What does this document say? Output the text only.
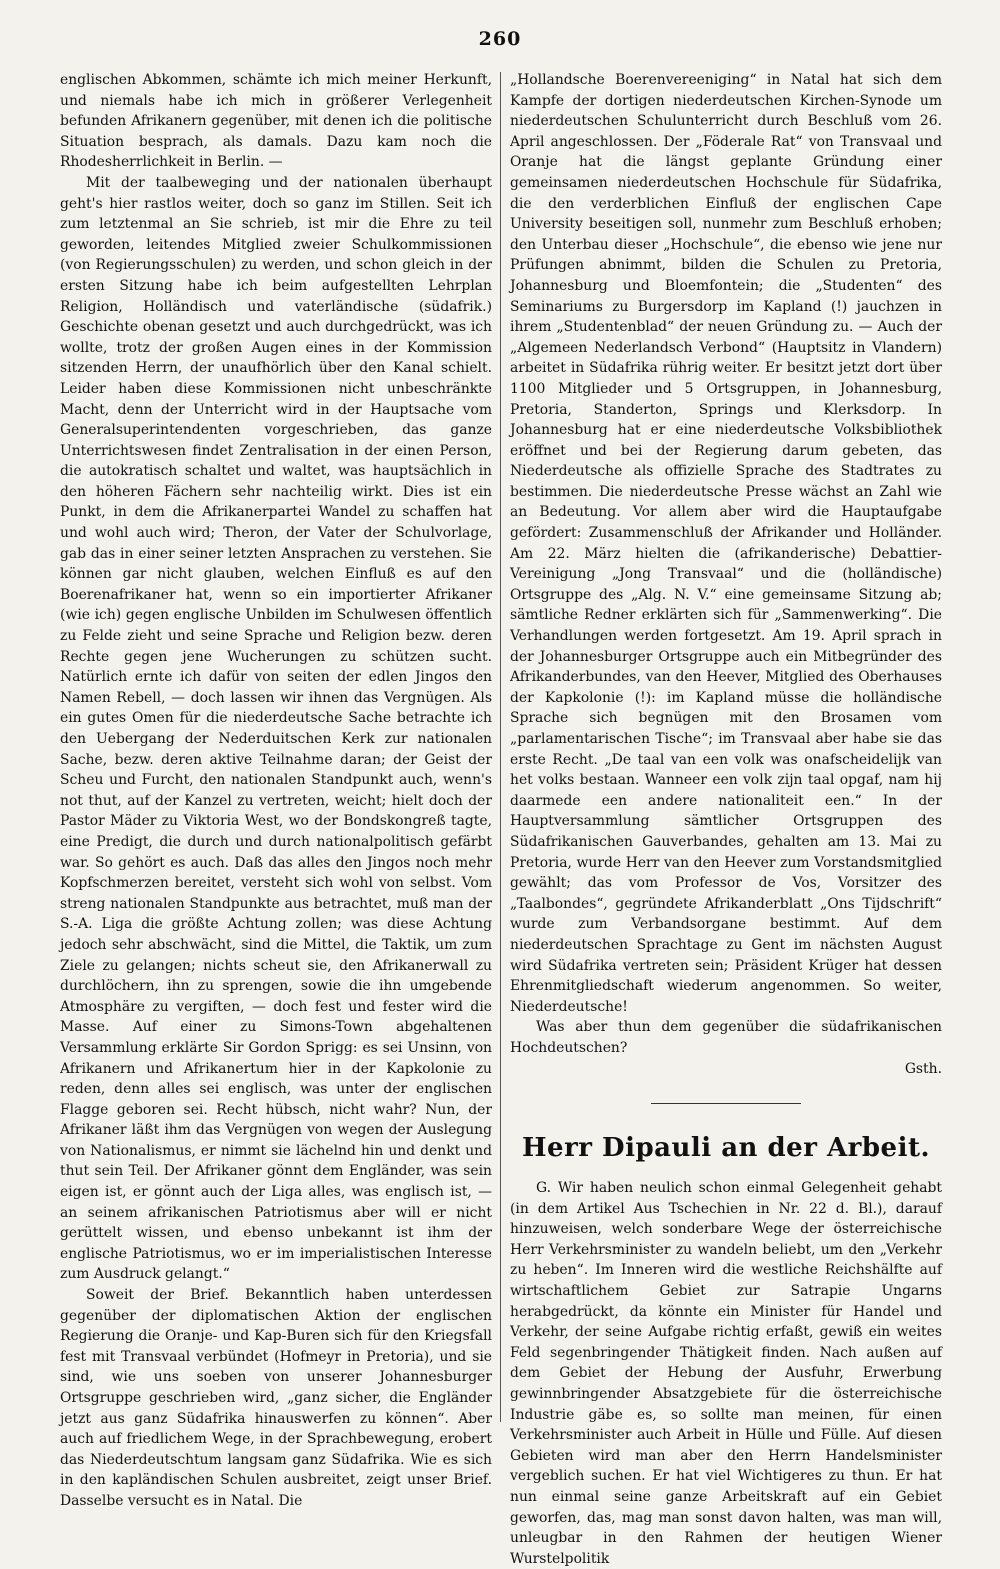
260

englischen Abkommen, schämte ich mich meiner Herkunft, und niemals habe ich mich in größerer Verlegenheit befunden Afrikanern gegenüber, mit denen ich die politische Situation besprach, als damals. Dazu kam noch die Rhodesherrlichkeit in Berlin. —

Mit der taalbeweging und der nationalen überhaupt geht's hier rastlos weiter, doch so ganz im Stillen. Seit ich zum letztenmal an Sie schrieb, ist mir die Ehre zu teil geworden, leitendes Mitglied zweier Schulkommissionen (von Regierungsschulen) zu werden, und schon gleich in der ersten Sitzung habe ich beim aufgestellten Lehrplan Religion, Holländisch und vaterländische (südafrik.) Geschichte obenan gesetzt und auch durchgedrückt, was ich wollte, trotz der großen Augen eines in der Kommission sitzenden Herrn, der unaufhörlich über den Kanal schielt. Leider haben diese Kommissionen nicht unbeschränkte Macht, denn der Unterricht wird in der Hauptsache vom Generalsuperintendenten vorgeschrieben, das ganze Unterrichtswesen findet Zentralisation in der einen Person, die autokratisch schaltet und waltet, was hauptsächlich in den höheren Fächern sehr nachteilig wirkt. Dies ist ein Punkt, in dem die Afrikanerpartei Wandel zu schaffen hat und wohl auch wird; Theron, der Vater der Schulvorlage, gab das in einer seiner letzten Ansprachen zu verstehen. Sie können gar nicht glauben, welchen Einfluß es auf den Boerenafrikaner hat, wenn so ein importierter Afrikaner (wie ich) gegen englische Unbilden im Schulwesen öffentlich zu Felde zieht und seine Sprache und Religion bezw. deren Rechte gegen jene Wucherungen zu schützen sucht. Natürlich ernte ich dafür von seiten der edlen Jingos den Namen Rebell, — doch lassen wir ihnen das Vergnügen. Als ein gutes Omen für die niederdeutsche Sache betrachte ich den Uebergang der Nederduitschen Kerk zur nationalen Sache, bezw. deren aktive Teilnahme daran; der Geist der Scheu und Furcht, den nationalen Standpunkt auch, wenn's not thut, auf der Kanzel zu vertreten, weicht; hielt doch der Pastor Mäder zu Viktoria West, wo der Bondskongreß tagte, eine Predigt, die durch und durch nationalpolitisch gefärbt war. So gehört es auch. Daß das alles den Jingos noch mehr Kopfschmerzen bereitet, versteht sich wohl von selbst. Vom streng nationalen Standpunkte aus betrachtet, muß man der S.-A. Liga die größte Achtung zollen; was diese Achtung jedoch sehr abschwächt, sind die Mittel, die Taktik, um zum Ziele zu gelangen; nichts scheut sie, den Afrikanerwall zu durchlöchern, ihn zu sprengen, sowie die ihn umgebende Atmosphäre zu vergiften, — doch fest und fester wird die Masse. Auf einer zu Simons-Town abgehaltenen Versammlung erklärte Sir Gordon Sprigg: es sei Unsinn, von Afrikanern und Afrikanertum hier in der Kapkolonie zu reden, denn alles sei englisch, was unter der englischen Flagge geboren sei. Recht hübsch, nicht wahr? Nun, der Afrikaner läßt ihm das Vergnügen von wegen der Auslegung von Nationalismus, er nimmt sie lächelnd hin und denkt und thut sein Teil. Der Afrikaner gönnt dem Engländer, was sein eigen ist, er gönnt auch der Liga alles, was englisch ist, — an seinem afrikanischen Patriotismus aber will er nicht gerüttelt wissen, und ebenso unbekannt ist ihm der englische Patriotismus, wo er im imperialistischen Interesse zum Ausdruck gelangt.“

Soweit der Brief. Bekanntlich haben unterdessen gegenüber der diplomatischen Aktion der englischen Regierung die Oranje- und Kap-Buren sich für den Kriegsfall fest mit Transvaal verbündet (Hofmeyr in Pretoria), und sie sind, wie uns soeben von unserer Johannesburger Ortsgruppe geschrieben wird, „ganz sicher, die Engländer jetzt aus ganz Südafrika hinauswerfen zu können“. Aber auch auf friedlichem Wege, in der Sprachbewegung, erobert das Niederdeutschtum langsam ganz Südafrika. Wie es sich in den kapländischen Schulen ausbreitet, zeigt unser Brief. Dasselbe versucht es in Natal. Die

„Hollandsche Boerenvereeniging“ in Natal hat sich dem Kampfe der dortigen niederdeutschen Kirchen-Synode um niederdeutschen Schulunterricht durch Beschluß vom 26. April angeschlossen. Der „Föderale Rat“ von Transvaal und Oranje hat die längst geplante Gründung einer gemeinsamen niederdeutschen Hochschule für Südafrika, die den verderblichen Einfluß der englischen Cape University beseitigen soll, nunmehr zum Beschluß erhoben; den Unterbau dieser „Hochschule“, die ebenso wie jene nur Prüfungen abnimmt, bilden die Schulen zu Pretoria, Johannesburg und Bloemfontein; die „Studenten“ des Seminariums zu Burgersdorp im Kapland (!) jauchzen in ihrem „Studentenblad“ der neuen Gründung zu. — Auch der „Algemeen Nederlandsch Verbond“ (Hauptsitz in Vlandern) arbeitet in Südafrika rührig weiter. Er besitzt jetzt dort über 1100 Mitglieder und 5 Ortsgruppen, in Johannesburg, Pretoria, Standerton, Springs und Klerksdorp. In Johannesburg hat er eine niederdeutsche Volksbibliothek eröffnet und bei der Regierung darum gebeten, das Niederdeutsche als offizielle Sprache des Stadtrates zu bestimmen. Die niederdeutsche Presse wächst an Zahl wie an Bedeutung. Vor allem aber wird die Hauptaufgabe gefördert: Zusammenschluß der Afrikander und Holländer. Am 22. März hielten die (afrikanderische) Debattier-Vereinigung „Jong Transvaal“ und die (holländische) Ortsgruppe des „Alg. N. V.“ eine gemeinsame Sitzung ab; sämtliche Redner erklärten sich für „Sammenwerking“. Die Verhandlungen werden fortgesetzt. Am 19. April sprach in der Johannesburger Ortsgruppe auch ein Mitbegründer des Afrikanderbundes, van den Heever, Mitglied des Oberhauses der Kapkolonie (!): im Kapland müsse die holländische Sprache sich begnügen mit den Brosamen vom „parlamentarischen Tische“; im Transvaal aber habe sie das erste Recht. „De taal van een volk was onafscheidelijk van het volks bestaan. Wanneer een volk zijn taal opgaf, nam hij daarmede een andere nationaliteit een.“ In der Hauptversammlung sämtlicher Ortsgruppen des Südafrikanischen Gauverbandes, gehalten am 13. Mai zu Pretoria, wurde Herr van den Heever zum Vorstandsmitglied gewählt; das vom Professor de Vos, Vorsitzer des „Taalbondes“, gegründete Afrikanderblatt „Ons Tijdschrift“ wurde zum Verbandsorgane bestimmt. Auf dem niederdeutschen Sprachtage zu Gent im nächsten August wird Südafrika vertreten sein; Präsident Krüger hat dessen Ehrenmitgliedschaft wiederum angenommen. So weiter, Niederdeutsche!

Was aber thun dem gegenüber die südafrikanischen Hochdeutschen?

Gsth.

Herr Dipauli an der Arbeit.

G. Wir haben neulich schon einmal Gelegenheit gehabt (in dem Artikel Aus Tschechien in Nr. 22 d. Bl.), darauf hinzuweisen, welch sonderbare Wege der österreichische Herr Verkehrsminister zu wandeln beliebt, um den „Verkehr zu heben“. Im Inneren wird die westliche Reichshälfte auf wirtschaftlichem Gebiet zur Satrapie Ungarns herabgedrückt, da könnte ein Minister für Handel und Verkehr, der seine Aufgabe richtig erfaßt, gewiß ein weites Feld segenbringender Thätigkeit finden. Nach außen auf dem Gebiet der Hebung der Ausfuhr, Erwerbung gewinnbringender Absatzgebiete für die österreichische Industrie gäbe es, so sollte man meinen, für einen Verkehrsminister auch Arbeit in Hülle und Fülle. Auf diesen Gebieten wird man aber den Herrn Handelsminister vergeblich suchen. Er hat viel Wichtigeres zu thun. Er hat nun einmal seine ganze Arbeitskraft auf ein Gebiet geworfen, das, mag man sonst davon halten, was man will, unleugbar in den Rahmen der heutigen Wiener Wurstelpolitik
